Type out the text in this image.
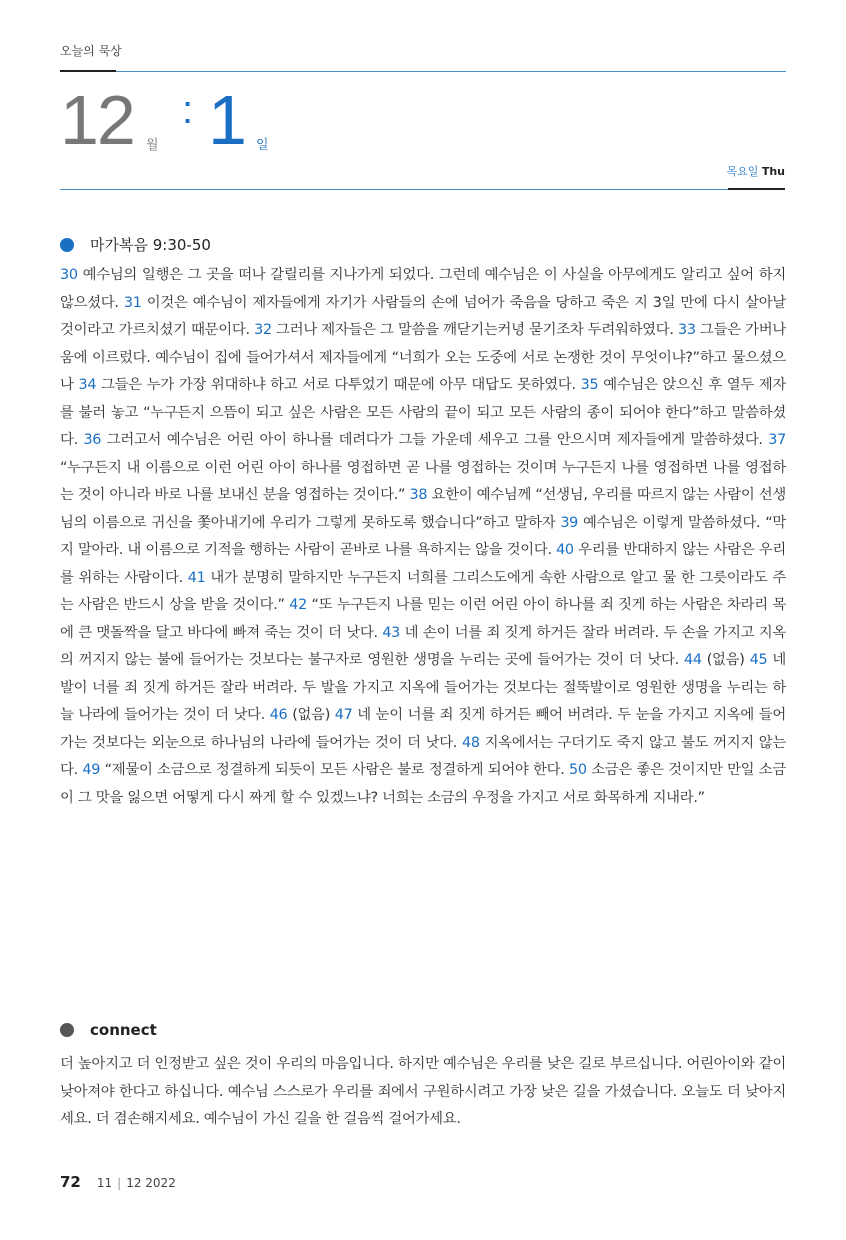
오늘의 묵상
12 월
: 1 일
목요일 Thu
마가복음 9:30-50
30 예수님의 일행은 그 곳을 떠나 갈릴리를 지나가게 되었다. 그런데 예수님은 이 사실을 아무에게도 알리고 싶어 하지 않으셨다. 31 이것은 예수님이 제자들에게 자기가 사람들의 손에 넘어가 죽음을 당하고 죽은 지 3일 만에 다시 살아날 것이라고 가르치셨기 때문이다. 32 그러나 제자들은 그 말씀을 깨닫기는커녕 묻기조차 두려워하였다. 33 그들은 가버나움에 이르렀다. 예수님이 집에 들어가셔서 제자들에게 “너희가 오는 도중에 서로 논쟁한 것이 무엇이냐?”하고 물으셨으나 34 그들은 누가 가장 위대하냐 하고 서로 다투었기 때문에 아무 대답도 못하였다. 35 예수님은 앉으신 후 열두 제자를 불러 놓고 “누구든지 으뜸이 되고 싶은 사람은 모든 사람의 끝이 되고 모든 사람의 종이 되어야 한다”하고 말씀하셨다. 36 그러고서 예수님은 어린 아이 하나를 데려다가 그들 가운데 세우고 그를 안으시며 제자들에게 말씀하셨다. 37 “누구든지 내 이름으로 이런 어린 아이 하나를 영접하면 곧 나를 영접하는 것이며 누구든지 나를 영접하면 나를 영접하는 것이 아니라 바로 나를 보내신 분을 영접하는 것이다.” 38 요한이 예수님께 “선생님, 우리를 따르지 않는 사람이 선생님의 이름으로 귀신을 쫓아내기에 우리가 그렇게 못하도록 했습니다”하고 말하자 39 예수님은 이렇게 말씀하셨다. “막지 말아라. 내 이름으로 기적을 행하는 사람이 곧바로 나를 욕하지는 않을 것이다. 40 우리를 반대하지 않는 사람은 우리를 위하는 사람이다. 41 내가 분명히 말하지만 누구든지 너희를 그리스도에게 속한 사람으로 알고 물 한 그릇이라도 주는 사람은 반드시 상을 받을 것이다.” 42 “또 누구든지 나를 믿는 이런 어린 아이 하나를 죄 짓게 하는 사람은 차라리 목에 큰 맷돌짝을 달고 바다에 빠져 죽는 것이 더 낫다. 43 네 손이 너를 죄 짓게 하거든 잘라 버려라. 두 손을 가지고 지옥의 꺼지지 않는 불에 들어가는 것보다는 불구자로 영원한 생명을 누리는 곳에 들어가는 것이 더 낫다. 44 (없음) 45 네 발이 너를 죄 짓게 하거든 잘라 버려라. 두 발을 가지고 지옥에 들어가는 것보다는 절뚝발이로 영원한 생명을 누리는 하늘 나라에 들어가는 것이 더 낫다. 46 (없음) 47 네 눈이 너를 죄 짓게 하거든 빼어 버려라. 두 눈을 가지고 지옥에 들어가는 것보다는 외눈으로 하나님의 나라에 들어가는 것이 더 낫다. 48 지옥에서는 구더기도 죽지 않고 불도 꺼지지 않는다. 49 “제물이 소금으로 정결하게 되듯이 모든 사람은 불로 정결하게 되어야 한다. 50 소금은 좋은 것이지만 만일 소금이 그 맛을 잃으면 어떻게 다시 짜게 할 수 있겠느냐? 너희는 소금의 우정을 가지고 서로 화목하게 지내라.”
connect
더 높아지고 더 인정받고 싶은 것이 우리의 마음입니다. 하지만 예수님은 우리를 낮은 길로 부르십니다. 어린아이와 같이 낮아져야 한다고 하십니다. 예수님 스스로가 우리를 죄에서 구원하시려고 가장 낮은 길을 가셨습니다. 오늘도 더 낮아지세요. 더 겸손해지세요. 예수님이 가신 길을 한 걸음씩 걸어가세요.
72 11 | 12 2022
